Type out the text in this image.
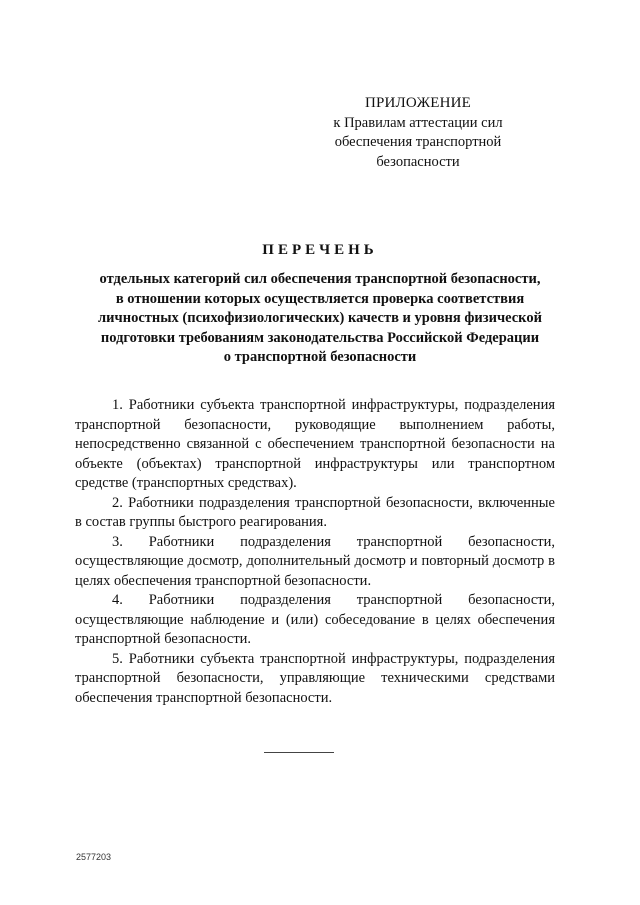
ПРИЛОЖЕНИЕ
к Правилам аттестации сил
обеспечения транспортной
безопасности
ПЕРЕЧЕНЬ
отдельных категорий сил обеспечения транспортной безопасности,
в отношении которых осуществляется проверка соответствия
личностных (психофизиологических) качеств и уровня физической
подготовки требованиям законодательства Российской Федерации
о транспортной безопасности

1. Работники субъекта транспортной инфраструктуры, подразделения транспортной безопасности, руководящие выполнением работы, непосредственно связанной с обеспечением транспортной безопасности на объекте (объектах) транспортной инфраструктуры или транспортном средстве (транспортных средствах).

2. Работники подразделения транспортной безопасности, включенные в состав группы быстрого реагирования.

3. Работники подразделения транспортной безопасности, осуществляющие досмотр, дополнительный досмотр и повторный досмотр в целях обеспечения транспортной безопасности.

4. Работники подразделения транспортной безопасности, осуществляющие наблюдение и (или) собеседование в целях обеспечения транспортной безопасности.

5. Работники субъекта транспортной инфраструктуры, подразделения транспортной безопасности, управляющие техническими средствами обеспечения транспортной безопасности.

2577203
